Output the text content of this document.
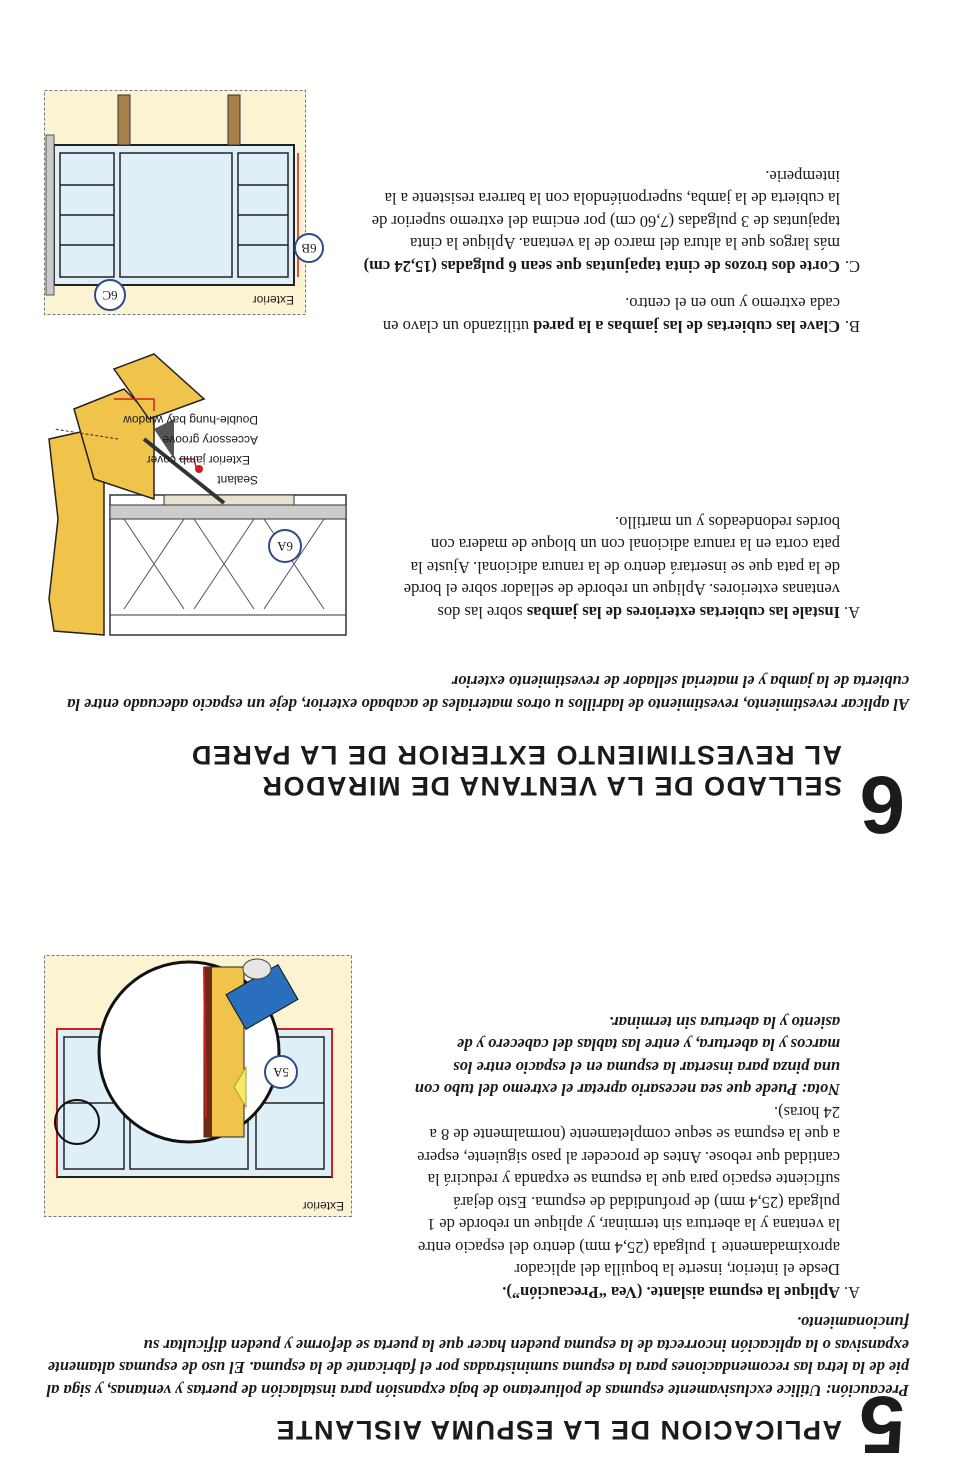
5
APLICACION DE LA ESPUMA AISLANTE
Precaución: Utilice exclusivamente espumas de poliuretano de baja expansión para instalación de puertas y ventanas, y siga al pie de la letra las recomendaciones para la espuma suministradas por el fabricante de la espuma. El uso de espumas altamente expansivas o la aplicación incorrecta de la espuma pueden hacer que la puerta se deforme y pueden dificultar su funcionamiento.
A.
Aplique la espuma aislante. (Vea “Precaución”).
Desde el interior, inserte la boquilla del aplicador aproximadamente 1 pulgada (25,4 mm) dentro del espacio entre la ventana y la abertura sin terminar, y aplique un reborde de 1 pulgada (25,4 mm) de profundidad de espuma. Esto dejará suficiente espacio para que la espuma se expanda y reducirá la cantidad que rebose. Antes de proceder al paso siguiente, espere a que la espuma se seque completamente (normalmente de 8 a 24 horas).

Nota: Puede que sea necesario apretar el extremo del tubo con una pinza para insertar la espuma en el espacio entre los marcos y la abertura, y entre las tablas del cabecero y de asiento y la abertura sin terminar.
Exterior
5A
6
SELLADO DE LA VENTANA DE MIRADOR
AL REVESTIMIENTO EXTERIOR DE LA PARED
Al aplicar revestimiento, revestimiento de ladrillos u otros materiales de acabado exterior, deje un espacio adecuado entre la cubierta de la jamba y el material sellador de revestimiento exterior
A.
Instale las cubiertas exteriores de las jambas sobre las dos ventanas exteriores. Aplique un reborde de sellador sobre el borde de la pata que se insertará dentro de la ranura adicional. Ajuste la pata corta en la ranura adicional con un bloque de madera con bordes redondeados y un martillo.
Sealant
Exterior jamb cover
Accessory groove
Double-hung bay window
6A
B.
Clave las cubiertas de las jambas a la pared utilizando un clavo en cada extremo y uno en el centro.
C.
Corte dos trozos de cinta tapajuntas que sean 6 pulgadas (15,24 cm) más largos que la altura del marco de la ventana. Aplique la cinta tapajuntas de 3 pulgadas (7,60 cm) por encima del extremo superior de la cubierta de la jamba, superponiéndola con la barrera resistente a la intemperie.
Exterior
6C
6B
